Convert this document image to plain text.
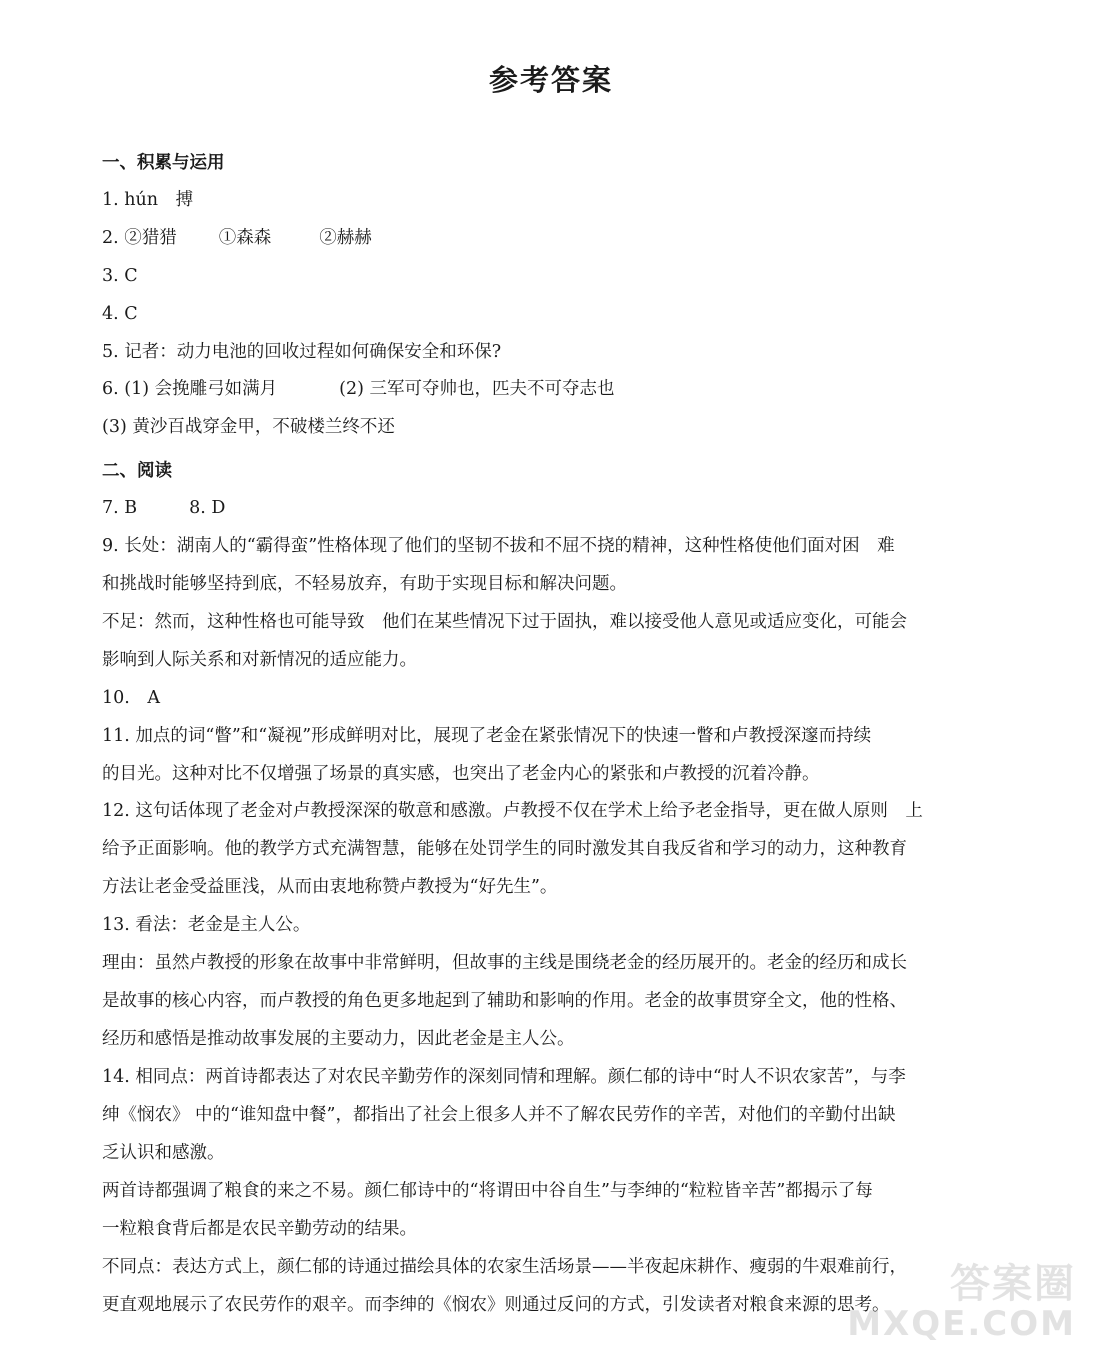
参考答案
一、积累与运用
1. hún　搏
2. ②猎猎 ①森森	②赫赫
3. C
4. C
5. 记者：动力电池的回收过程如何确保安全和环保?
6. (1) 会挽雕弓如满月	(2) 三军可夺帅也，匹夫不可夺志也
(3) 黄沙百战穿金甲，不破楼兰终不还
二、阅读
7. B	8. D
9. 长处：湖南人的“霸得蛮”性格体现了他们的坚韧不拔和不屈不挠的精神，这种性格使他们面对困　难
和挑战时能够坚持到底，不轻易放弃，有助于实现目标和解决问题。
不足：然而，这种性格也可能导致　他们在某些情况下过于固执，难以接受他人意见或适应变化，可能会
影响到人际关系和对新情况的适应能力。
10.　A
11. 加点的词“瞥”和“凝视”形成鲜明对比，展现了老金在紧张情况下的快速一瞥和卢教授深邃而持续
的目光。这种对比不仅增强了场景的真实感，也突出了老金内心的紧张和卢教授的沉着冷静。
12. 这句话体现了老金对卢教授深深的敬意和感激。卢教授不仅在学术上给予老金指导，更在做人原则　上
给予正面影响。他的教学方式充满智慧，能够在处罚学生的同时激发其自我反省和学习的动力，这种教育
方法让老金受益匪浅，从而由衷地称赞卢教授为“好先生”。
13. 看法：老金是主人公。
理由：虽然卢教授的形象在故事中非常鲜明，但故事的主线是围绕老金的经历展开的。老金的经历和成长
是故事的核心内容，而卢教授的角色更多地起到了辅助和影响的作用。老金的故事贯穿全文，他的性格、
经历和感悟是推动故事发展的主要动力，因此老金是主人公。
14. 相同点：两首诗都表达了对农民辛勤劳作的深刻同情和理解。颜仁郁的诗中“时人不识农家苦”，与李
绅《悯农》 中的“谁知盘中餐”，都指出了社会上很多人并不了解农民劳作的辛苦，对他们的辛勤付出缺
乏认识和感激。
两首诗都强调了粮食的来之不易。颜仁郁诗中的“将谓田中谷自生”与李绅的“粒粒皆辛苦”都揭示了每
一粒粮食背后都是农民辛勤劳动的结果。
不同点：表达方式上，颜仁郁的诗通过描绘具体的农家生活场景——半夜起床耕作、瘦弱的牛艰难前行，
更直观地展示了农民劳作的艰辛。而李绅的《悯农》则通过反问的方式，引发读者对粮食来源的思考。 答案圈
MXQE.COM
